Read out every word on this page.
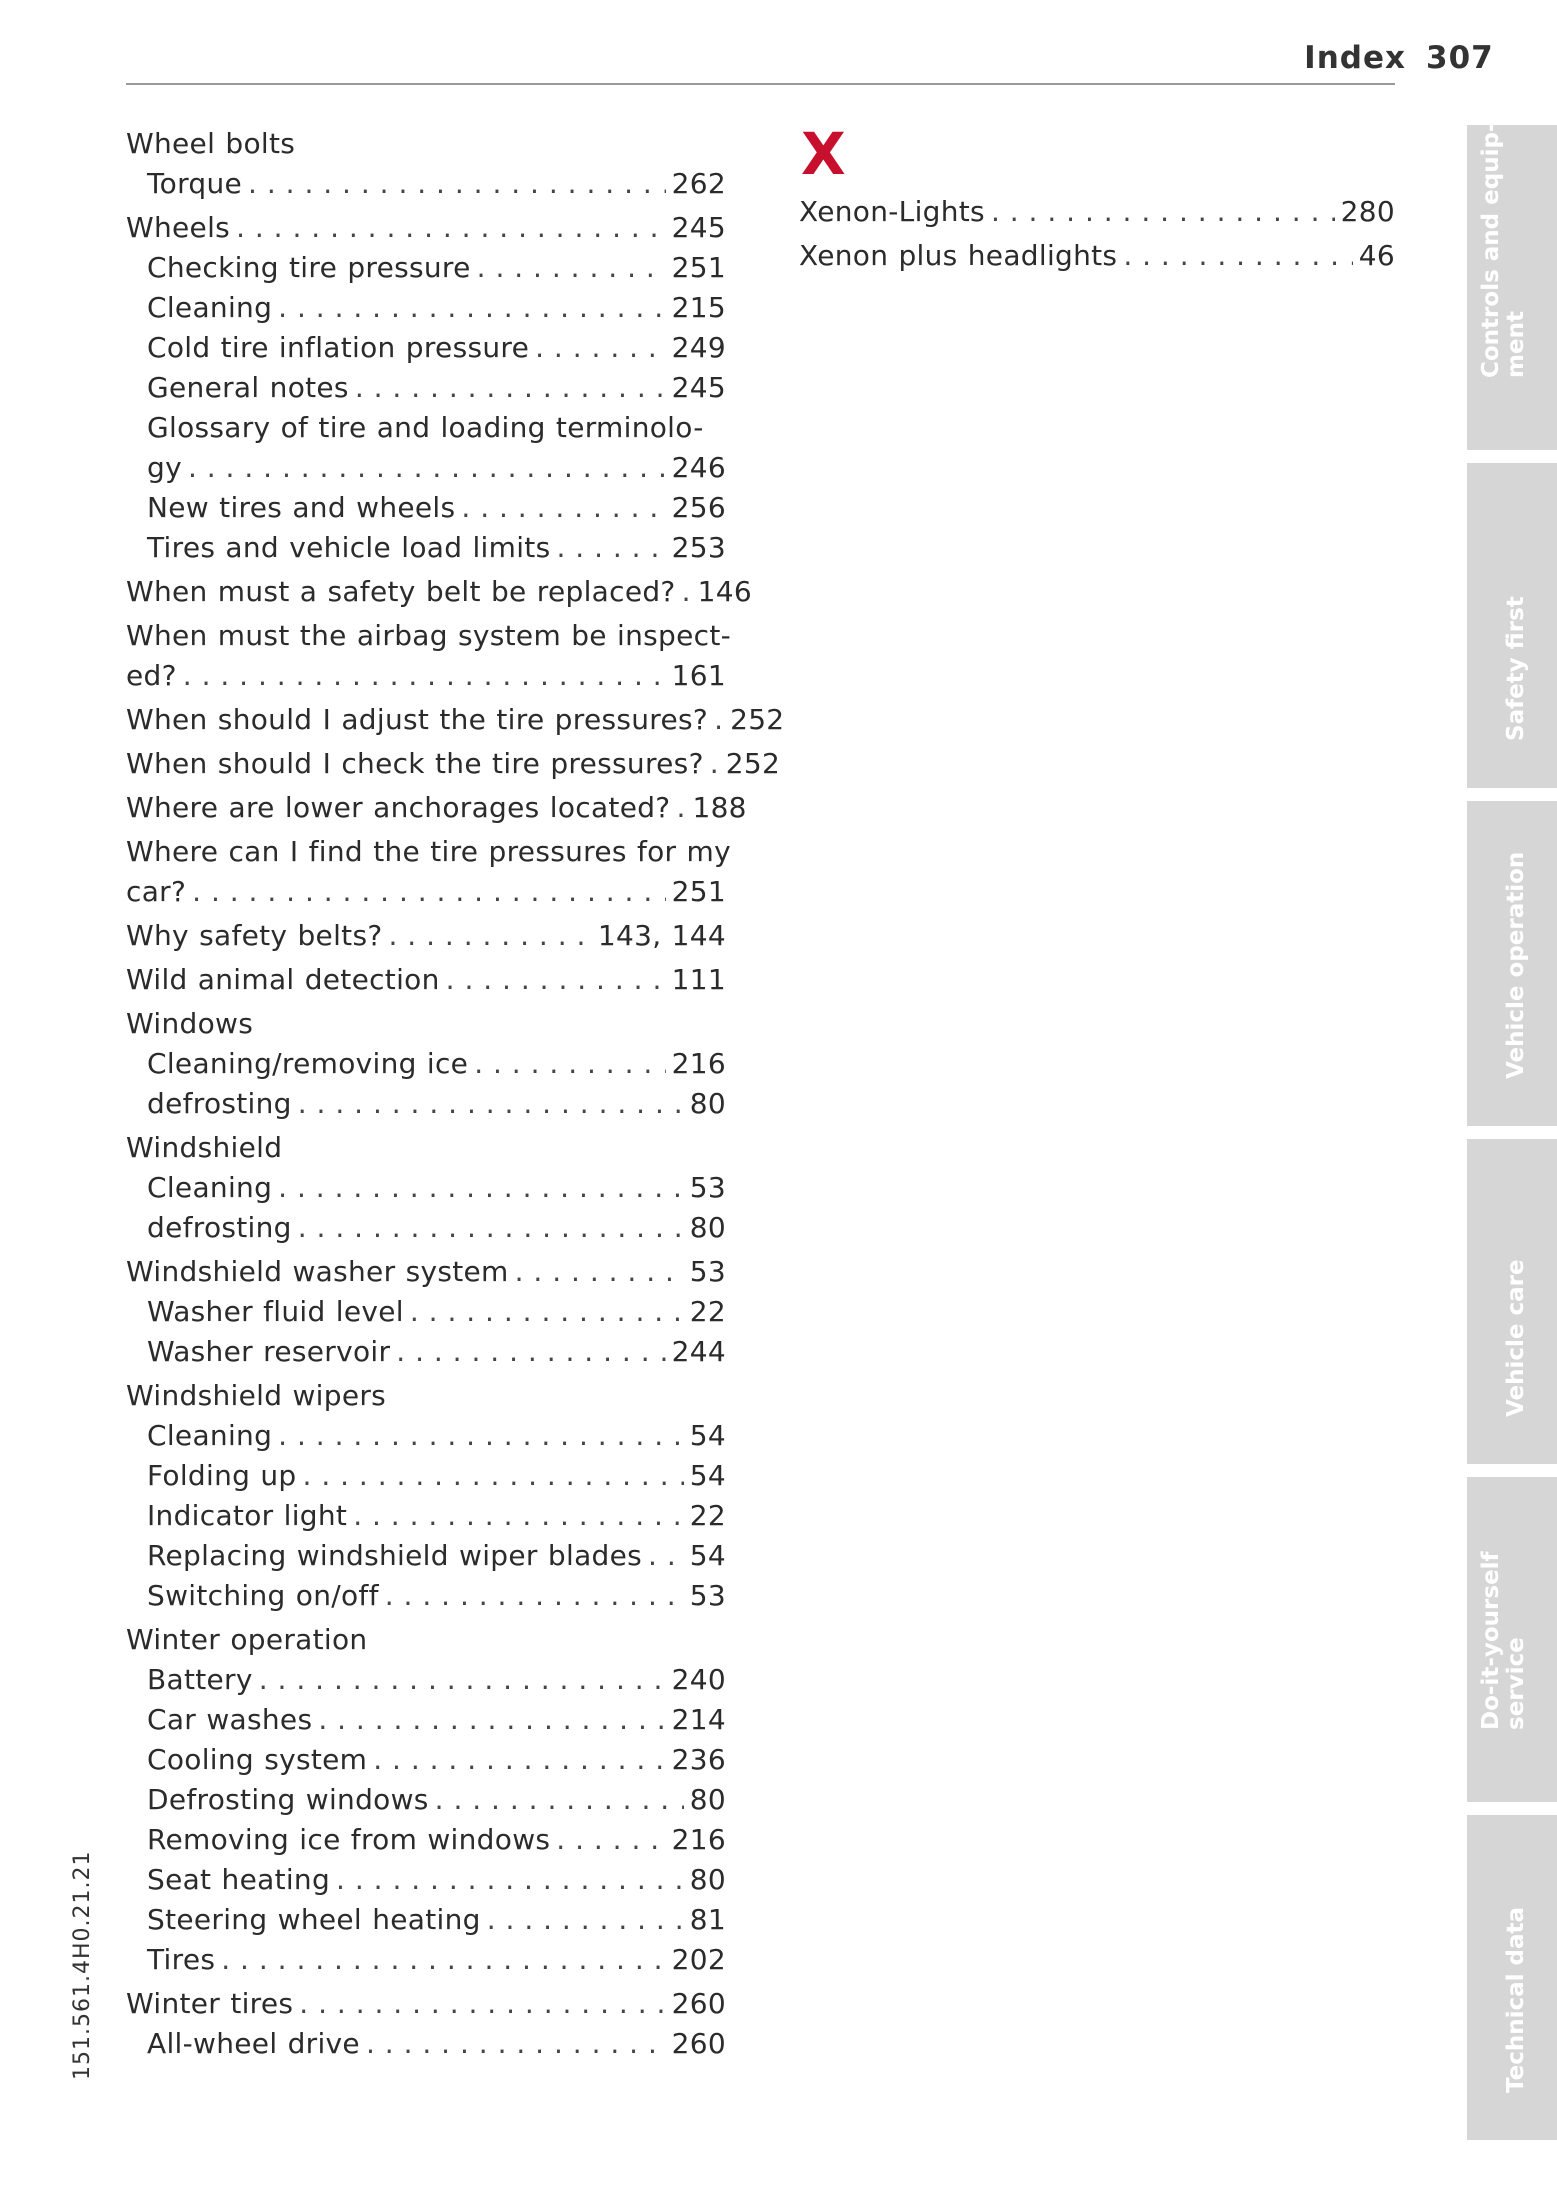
Index 307
Wheel bolts
Torque . . .	262
Wheels . . .	245
Checking tire pressure . . .	251
Cleaning . . .	215
Cold tire inflation pressure . . .	249
General notes . . .	245
Glossary of tire and loading terminolo-
gy . . .	246
New tires and wheels . . .	256
Tires and vehicle load limits . . .	253
When must a safety belt be replaced? . . . 146
When must the airbag system be inspect-
ed? . . .	161
When should I adjust the tire pressures? . . . 252
When should I check the tire pressures? . . . 252
Where are lower anchorages located? . . . 188
Where can I find the tire pressures for my
car? . . .	251
Why safety belts? . . .	143, 144
Wild animal detection . . .	111
Windows
Cleaning/removing ice . . .	216
defrosting . . .	80
Windshield
Cleaning . . .	53
defrosting . . .	80
Windshield washer system . . .	53
Washer fluid level . . .	22
Washer reservoir . . .	244
Windshield wipers
Cleaning . . .	54
Folding up . . .	54
Indicator light . . .	22
Replacing windshield wiper blades . . . 54
Switching on/off . . .	53
Winter operation
Battery . . .	240
Car washes . . .	214
Cooling system . . .	236
Defrosting windows . . .	80
Removing ice from windows . . .	216
Seat heating . . .	80
Steering wheel heating . . .	81
Tires . . .	202
Winter tires . . .	260
All-wheel drive . . .	260
X
Xenon-Lights . . .	280
Xenon plus headlights . . .	46
151.561.4H0.21.21
Controls and equip- ment
Safety first
Vehicle operation
Vehicle care
Do-it-yourself service
Technical data
